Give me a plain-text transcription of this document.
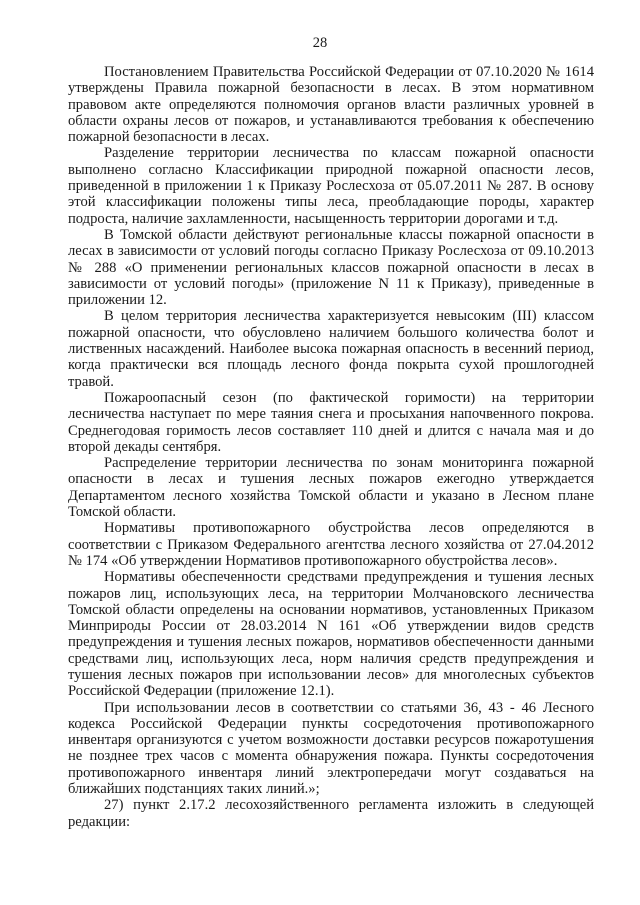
28

Постановлением Правительства Российской Федерации от 07.10.2020 № 1614 утверждены Правила пожарной безопасности в лесах. В этом нормативном правовом акте определяются полномочия органов власти различных уровней в области охраны лесов от пожаров, и устанавливаются требования к обеспечению пожарной безопасности в лесах.

Разделение территории лесничества по классам пожарной опасности выполнено согласно Классификации природной пожарной опасности лесов, приведенной в приложении 1 к Приказу Рослесхоза от 05.07.2011 № 287. В основу этой классификации положены типы леса, преобладающие породы, характер подроста, наличие захламленности, насыщенность территории дорогами и т.д.

В Томской области действуют региональные классы пожарной опасности в лесах в зависимости от условий погоды согласно Приказу Рослесхоза от 09.10.2013 № 288 «О применении региональных классов пожарной опасности в лесах в зависимости от условий погоды» (приложение N 11 к Приказу), приведенные в приложении 12.

В целом территория лесничества характеризуется невысоким (III) классом пожарной опасности, что обусловлено наличием большого количества болот и лиственных насаждений. Наиболее высока пожарная опасность в весенний период, когда практически вся площадь лесного фонда покрыта сухой прошлогодней травой.

Пожароопасный сезон (по фактической горимости) на территории лесничества наступает по мере таяния снега и просыхания напочвенного покрова. Среднегодовая горимость лесов составляет 110 дней и длится с начала мая и до второй декады сентября.

Распределение территории лесничества по зонам мониторинга пожарной опасности в лесах и тушения лесных пожаров ежегодно утверждается Департаментом лесного хозяйства Томской области и указано в Лесном плане Томской области.

Нормативы противопожарного обустройства лесов определяются в соответствии с Приказом Федерального агентства лесного хозяйства от 27.04.2012 № 174 «Об утверждении Нормативов противопожарного обустройства лесов».

Нормативы обеспеченности средствами предупреждения и тушения лесных пожаров лиц, использующих леса, на территории Молчановского лесничества Томской области определены на основании нормативов, установленных Приказом Минприроды России от 28.03.2014 N 161 «Об утверждении видов средств предупреждения и тушения лесных пожаров, нормативов обеспеченности данными средствами лиц, использующих леса, норм наличия средств предупреждения и тушения лесных пожаров при использовании лесов» для многолесных субъектов Российской Федерации (приложение 12.1).

При использовании лесов в соответствии со статьями 36, 43 - 46 Лесного кодекса Российской Федерации пункты сосредоточения противопожарного инвентаря организуются с учетом возможности доставки ресурсов пожаротушения не позднее трех часов с момента обнаружения пожара. Пункты сосредоточения противопожарного инвентаря линий электропередачи могут создаваться на ближайших подстанциях таких линий.»;

27) пункт 2.17.2 лесохозяйственного регламента изложить в следующей редакции:
